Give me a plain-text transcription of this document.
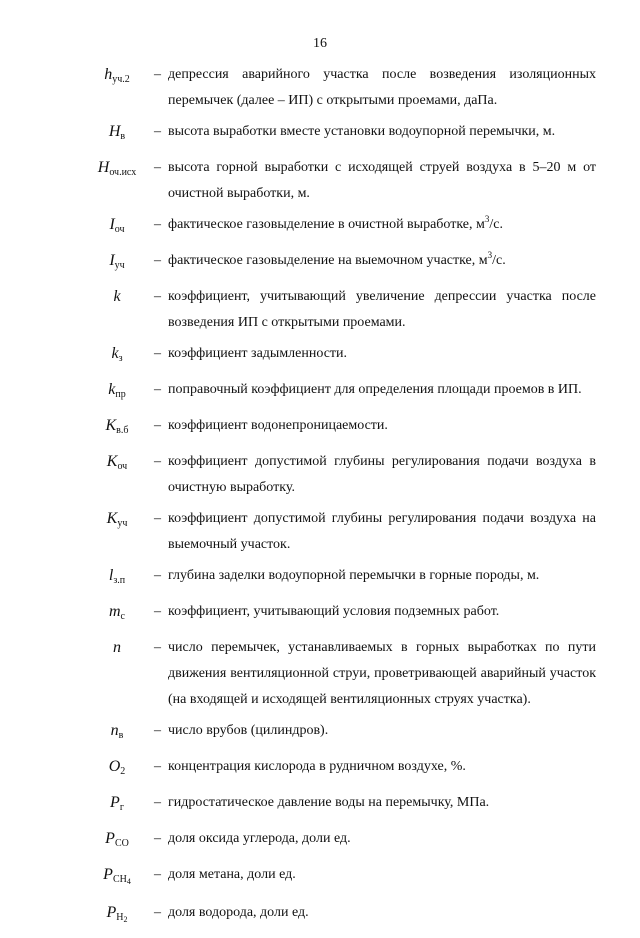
16
$h_{уч.2}$	– депрессия аварийного участка после возведения изоляционных перемычек (далее – ИП) с открытыми проемами, даПа.
$H_в$	– высота выработки вместе установки водоупорной перемычки, м.
$H_{оч.исх}$	– высота горной выработки с исходящей струей воздуха в 5–20 м от очистной выработки, м.
$I_{оч}$	– фактическое газовыделение в очистной выработке, $м^3/с$.
$I_{уч}$	– фактическое газовыделение на выемочном участке, $м^3/с$.
k	– коэффициент, учитывающий увеличение депрессии участка после возведения ИП с открытыми проемами.
$k_з$	– коэффициент задымленности.
$k_{пр}$	– поправочный коэффициент для определения площади проемов в ИП.
$K_{в.б}$	– коэффициент водонепроницаемости.
$K_{оч}$	– коэффициент допустимой глубины регулирования подачи воздуха в очистную выработку.
$K_{уч}$	– коэффициент допустимой глубины регулирования подачи воздуха на выемочный участок.
$l_{з.п}$	– глубина заделки водоупорной перемычки в горные породы, м.
$m_c$	– коэффициент, учитывающий условия подземных работ.
n	– число перемычек, устанавливаемых в горных выработках по пути движения вентиляционной струи, проветривающей аварийный участок (на входящей и исходящей вентиляционных струях участка).
$n_в$	– число врубов (цилиндров).
$O_2$	– концентрация кислорода в рудничном воздухе, %.
$P_г$	– гидростатическое давление воды на перемычку, МПа.
$P_{CO}$	– доля оксида углерода, доли ед.
$P_{CH_4}$	– доля метана, доли ед.
$P_{H_2}$	– доля водорода, доли ед.
